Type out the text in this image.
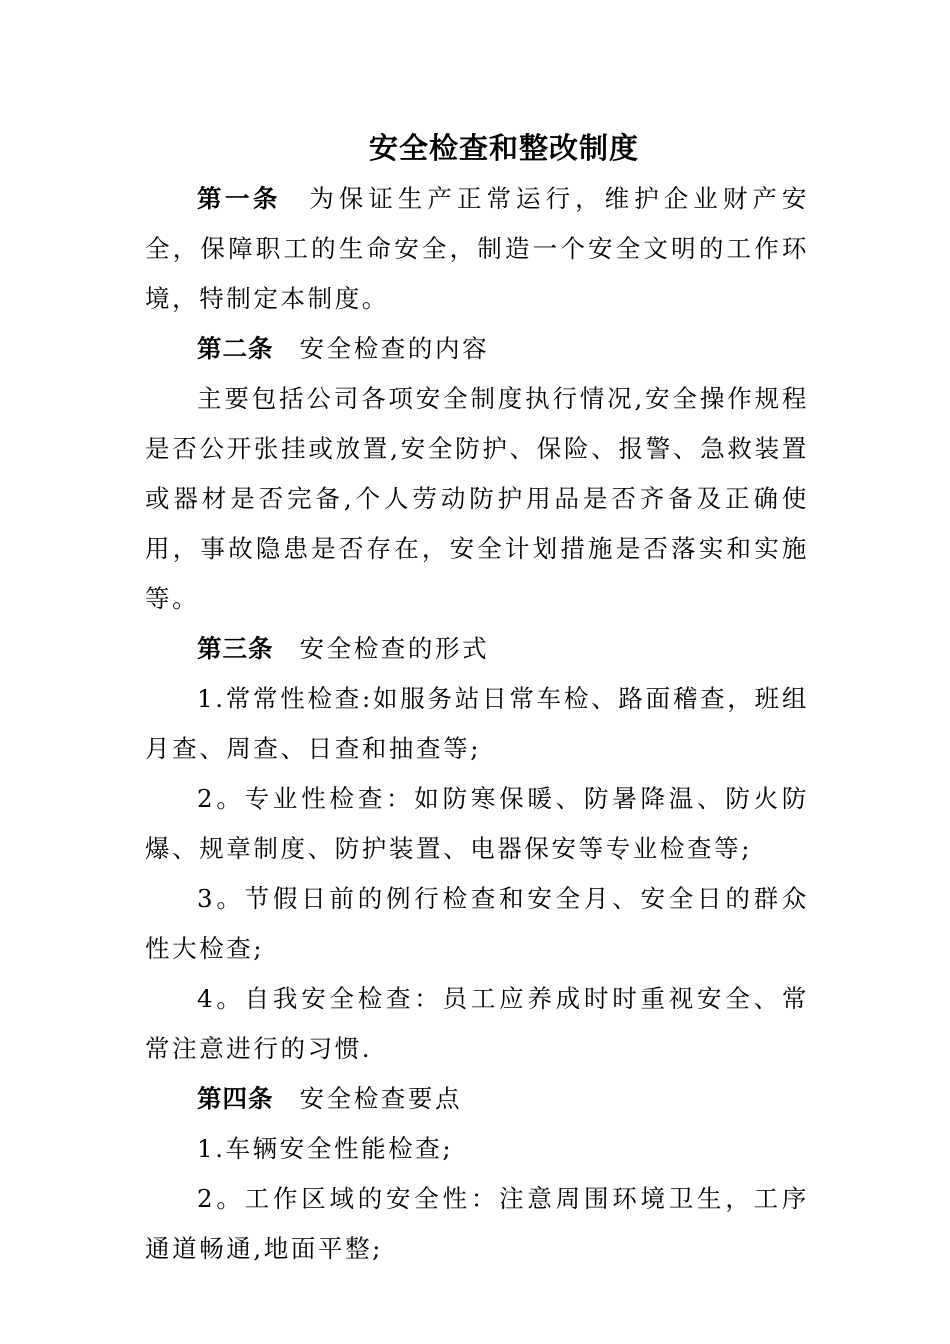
安全检查和整改制度

第一条 为保证生产正常运行，维护企业财产安全，保障职工的生命安全，制造一个安全文明的工作环境，特制定本制度。

第二条 安全检查的内容

主要包括公司各项安全制度执行情况,安全操作规程是否公开张挂或放置,安全防护、保险、报警、急救装置或器材是否完备,个人劳动防护用品是否齐备及正确使用，事故隐患是否存在，安全计划措施是否落实和实施等。

第三条 安全检查的形式

1.常常性检查:如服务站日常车检、路面稽查，班组月查、周查、日查和抽查等;

2。专业性检查：如防寒保暖、防暑降温、防火防爆、规章制度、防护装置、电器保安等专业检查等;

3。节假日前的例行检查和安全月、安全日的群众性大检查;

4。自我安全检查：员工应养成时时重视安全、常常注意进行的习惯.

第四条 安全检查要点

1.车辆安全性能检查;

2。工作区域的安全性：注意周围环境卫生，工序通道畅通,地面平整;
